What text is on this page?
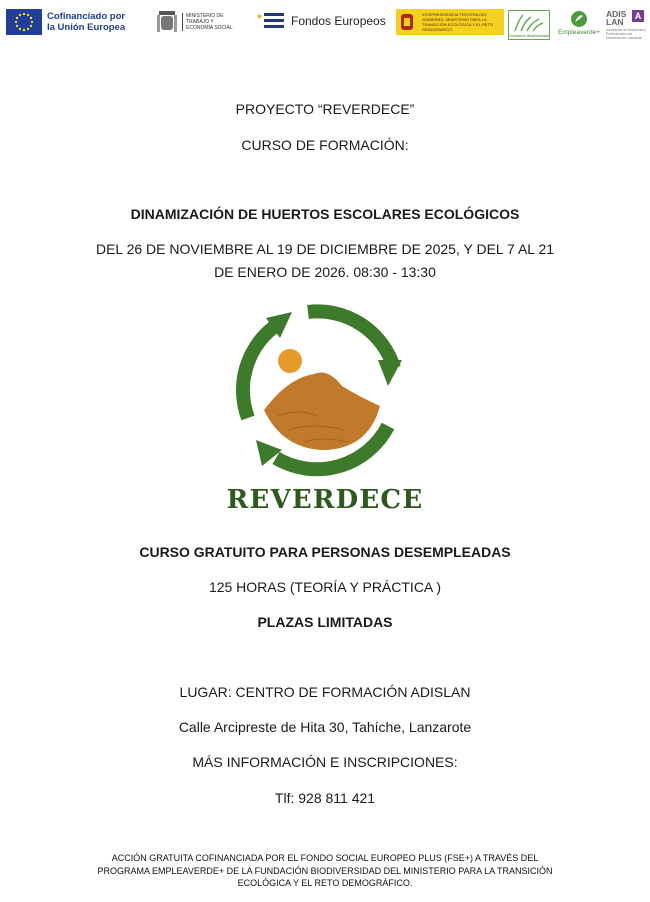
Cofinanciado por la Unión Europea
MINISTERIO DE TRABAJO Y ECONOMÍA SOCIAL
★ Fondos Europeos	VICEPRESIDENCIA TERCERA DEL GOBIERNO. MINISTERIO PARA LA TRANSICIÓN ECOLÓGICA Y EL RETO DEMOGRÁFICO
Fundación Biodiversidad Empleaverde+
ADIS
LAN
A
Asociación de Empresas y Profesionales del Desarrollo de Lanzarote
PROYECTO “REVERDECE”
CURSO DE FORMACIÓN:
DINAMIZACIÓN DE HUERTOS ESCOLARES ECOLÓGICOS
DEL 26 DE NOVIEMBRE AL 19 DE DICIEMBRE DE 2025, Y DEL 7 AL 21
DE ENERO DE 2026. 08:30 - 13:30
REVERDECE
CURSO GRATUITO PARA PERSONAS DESEMPLEADAS
125 HORAS (TEORÍA Y PRÁCTICA )
PLAZAS LIMITADAS
LUGAR: CENTRO DE FORMACIÓN ADISLAN
Calle Arcipreste de Hita 30, Tahíche, Lanzarote
MÁS INFORMACIÓN E INSCRIPCIONES:
Tlf: 928 811 421
ACCIÓN GRATUITA COFINANCIADA POR EL FONDO SOCIAL EUROPEO PLUS (FSE+) A TRAVÉS DEL
PROGRAMA EMPLEAVERDE+ DE LA FUNDACIÓN BIODIVERSIDAD DEL MINISTERIO PARA LA TRANSICIÓN
ECOLÓGICA Y EL RETO DEMOGRÁFICO.
